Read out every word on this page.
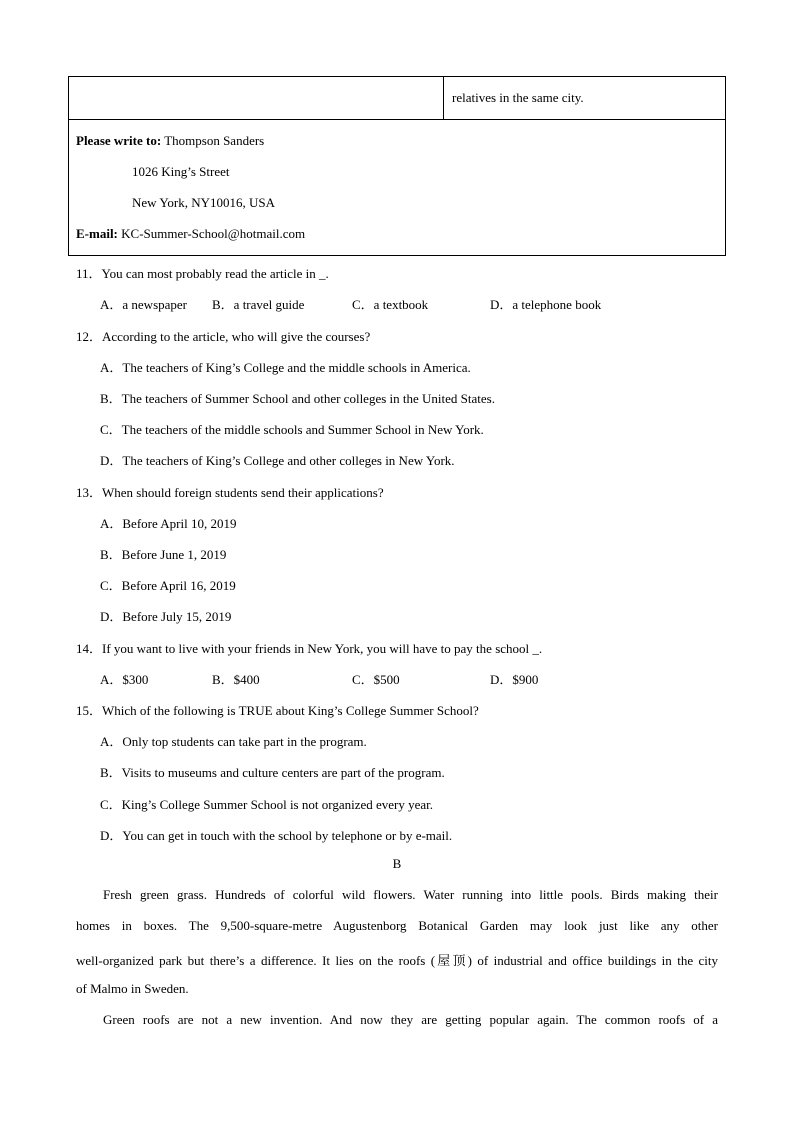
relatives in the same city.
Please write to: Thompson Sanders
1026 King’s Street
New York, NY10016, USA
E-mail: KC-Summer-School@hotmail.com
11．You can most probably read the article in _.
A．a newspaper B．a travel guide	C．a textbook	D．a telephone book
12．According to the article, who will give the courses?
A．The teachers of King’s College and the middle schools in America.
B．The teachers of Summer School and other colleges in the United States.
C．The teachers of the middle schools and Summer School in New York.
D．The teachers of King’s College and other colleges in New York.
13．When should foreign students send their applications?
A．Before April 10, 2019
B．Before June 1, 2019
C．Before April 16, 2019
D．Before July 15, 2019
14．If you want to live with your friends in New York, you will have to pay the school _.
A．$300	B．$400	C．$500	D．$900
15．Which of the following is TRUE about King’s College Summer School?
A．Only top students can take part in the program.
B．Visits to museums and culture centers are part of the program.
C．King’s College Summer School is not organized every year.
D．You can get in touch with the school by telephone or by e-mail.
B
Fresh green grass. Hundreds of colorful wild flowers. Water running into little pools. Birds making their
homes in boxes. The 9,500-square-metre Augustenborg Botanical Garden may look just like any other
well-organized park but there’s a difference. It lies on the roofs (屋顶) of industrial and office buildings in the city
of Malmo in Sweden.
Green roofs are not a new invention. And now they are getting popular again. The common roofs of a
